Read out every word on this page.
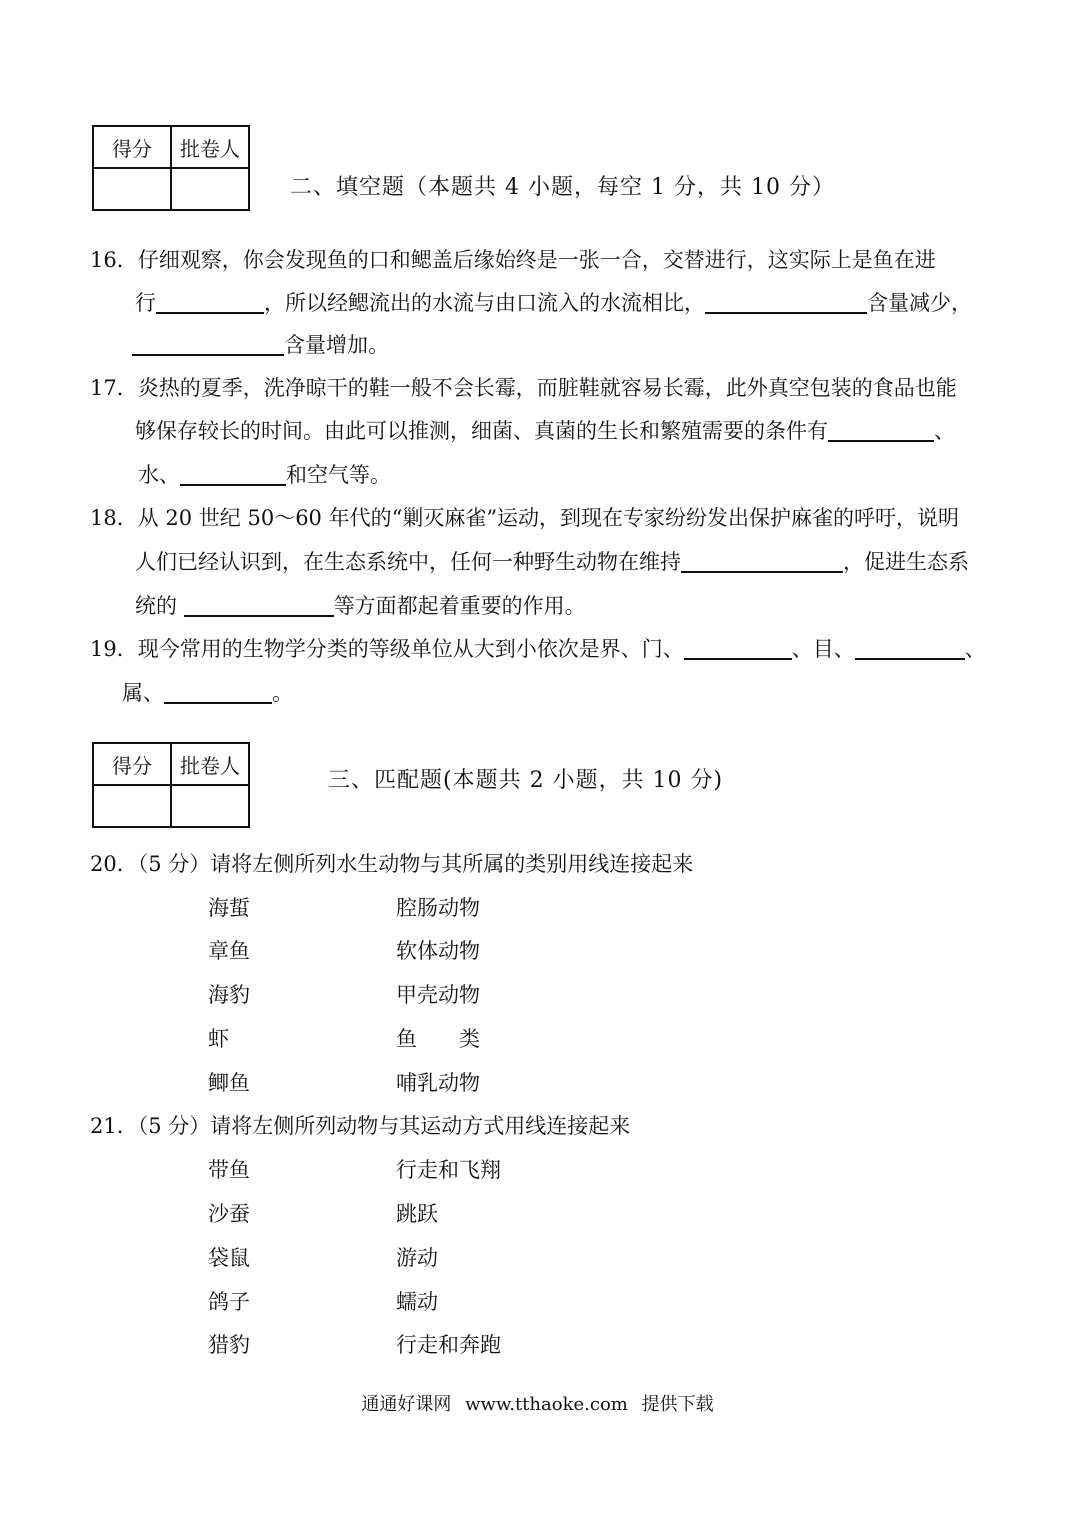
得分	批卷人

二、填空题（本题共 4 小题，每空 1 分，共 10 分）
16．仔细观察，你会发现鱼的口和鳃盖后缘始终是一张一合，交替进行，这实际上是鱼在进
行	，所以经鳃流出的水流与由口流入的水流相比，	含量减少，
含量增加。
17．炎热的夏季，洗净晾干的鞋一般不会长霉，而脏鞋就容易长霉，此外真空包装的食品也能
够保存较长的时间。由此可以推测，细菌、真菌的生长和繁殖需要的条件有	、
水、	和空气等。
18．从 20 世纪 50～60 年代的“剿灭麻雀”运动，到现在专家纷纷发出保护麻雀的呼吁，说明
人们已经认识到，在生态系统中，任何一种野生动物在维持	，促进生态系
统的	等方面都起着重要的作用。
19．现今常用的生物学分类的等级单位从大到小依次是界、门、	、目、	、
属、	。
得分	批卷人

三、匹配题(本题共 2 小题，共 10 分)
20．（5 分）请将左侧所列水生动物与其所属的类别用线连接起来
海蜇	腔肠动物
章鱼	软体动物
海豹	甲壳动物
虾	鱼　　类
鲫鱼	哺乳动物
21．（5 分）请将左侧所列动物与其运动方式用线连接起来
带鱼	行走和飞翔
沙蚕	跳跃
袋鼠	游动
鸽子	蠕动
猎豹	行走和奔跑
通通好课网 www.tthaoke.com 提供下载
